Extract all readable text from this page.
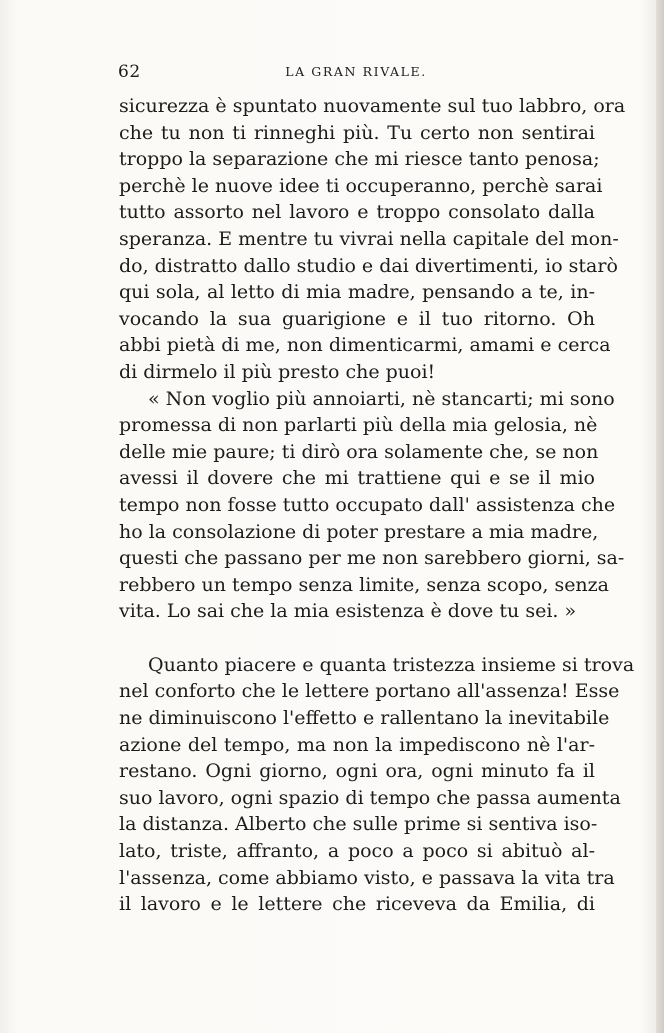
62	LA GRAN RIVALE.
sicurezza è spuntato nuovamente sul tuo labbro, ora
che tu non ti rinneghi più. Tu certo non sentirai
troppo la separazione che mi riesce tanto penosa;
perchè le nuove idee ti occuperanno, perchè sarai
tutto assorto nel lavoro e troppo consolato dalla
speranza. E mentre tu vivrai nella capitale del mon-
do, distratto dallo studio e dai divertimenti, io starò
qui sola, al letto di mia madre, pensando a te, in-
vocando la sua guarigione e il tuo ritorno. Oh
abbi pietà di me, non dimenticarmi, amami e cerca
di dirmelo il più presto che puoi!
« Non voglio più annoiarti, nè stancarti; mi sono
promessa di non parlarti più della mia gelosia, nè
delle mie paure; ti dirò ora solamente che, se non
avessi il dovere che mi trattiene qui e se il mio
tempo non fosse tutto occupato dall' assistenza che
ho la consolazione di poter prestare a mia madre,
questi che passano per me non sarebbero giorni, sa-
rebbero un tempo senza limite, senza scopo, senza
vita. Lo sai che la mia esistenza è dove tu sei. »
Quanto piacere e quanta tristezza insieme si trova
nel conforto che le lettere portano all'assenza! Esse
ne diminuiscono l'effetto e rallentano la inevitabile
azione del tempo, ma non la impediscono nè l'ar-
restano. Ogni giorno, ogni ora, ogni minuto fa il
suo lavoro, ogni spazio di tempo che passa aumenta
la distanza. Alberto che sulle prime si sentiva iso-
lato, triste, affranto, a poco a poco si abituò al-
l'assenza, come abbiamo visto, e passava la vita tra
il lavoro e le lettere che riceveva da Emilia, di
